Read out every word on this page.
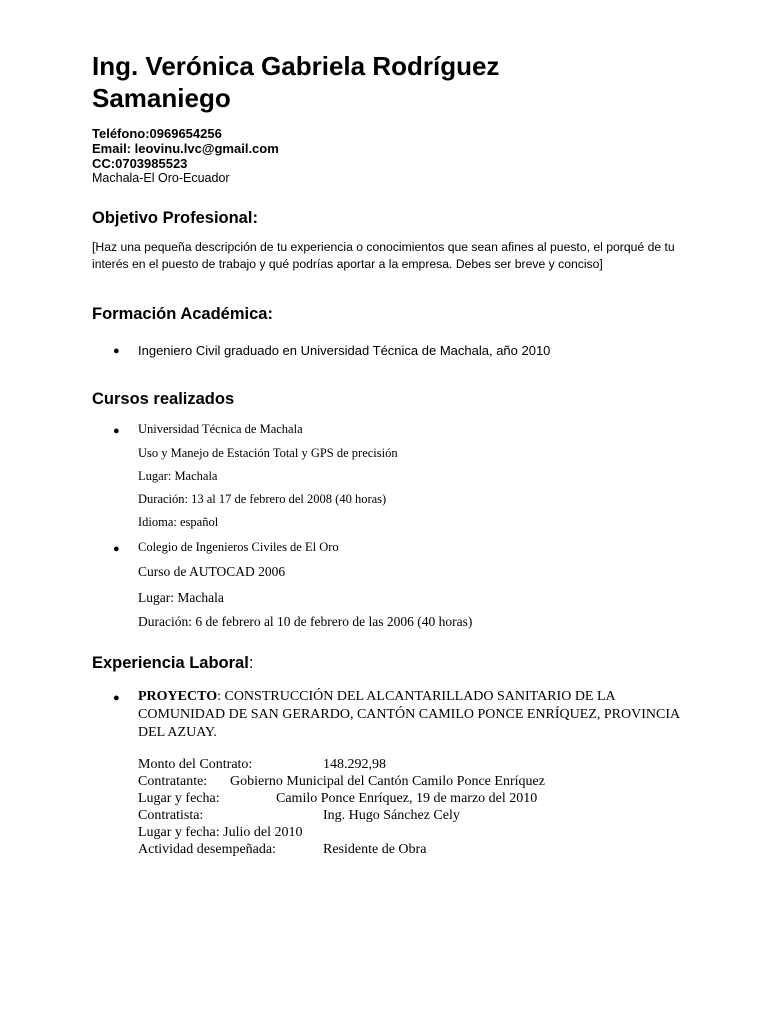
Ing. Verónica Gabriela Rodríguez
Samaniego
Teléfono:0969654256
Email: leovinu.lvc@gmail.com
CC:0703985523
Machala-El Oro-Ecuador
Objetivo Profesional:
[Haz una pequeña descripción de tu experiencia o conocimientos que sean afines al puesto, el porqué de tu interés en el puesto de trabajo y qué podrías aportar a la empresa. Debes ser breve y conciso]
Formación Académica:
● Ingeniero Civil graduado en Universidad Técnica de Machala, año 2010
Cursos realizados
● Universidad Técnica de Machala
Uso y Manejo de Estación Total y GPS de precisión
Lugar: Machala
Duración: 13 al 17 de febrero del 2008 (40 horas)
Idioma: español
● Colegio de Ingenieros Civiles de El Oro
Curso de AUTOCAD 2006
Lugar: Machala
Duración: 6 de febrero al 10 de febrero de las 2006 (40 horas)
Experiencia Laboral:
● PROYECTO: CONSTRUCCIÓN DEL ALCANTARILLADO SANITARIO DE LA COMUNIDAD DE SAN GERARDO, CANTÓN CAMILO PONCE ENRÍQUEZ, PROVINCIA DEL AZUAY.
Monto del Contrato:	148.292,98
Contratante: Gobierno Municipal del Cantón Camilo Ponce Enríquez
Lugar y fecha:	Camilo Ponce Enríquez, 19 de marzo del 2010
Contratista:	Ing. Hugo Sánchez Cely
Lugar y fecha: Julio del 2010
Actividad desempeñada:	Residente de Obra
